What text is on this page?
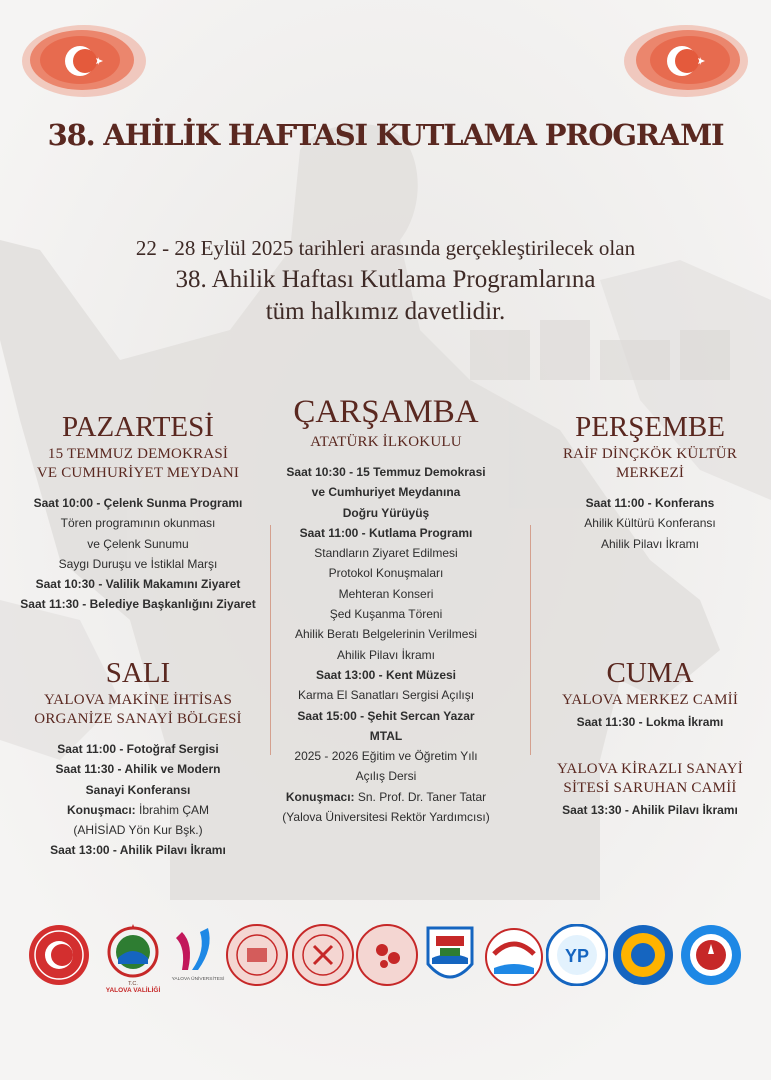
38. AHİLİK HAFTASI KUTLAMA PROGRAMI
22 - 28 Eylül 2025 tarihleri arasında gerçekleştirilecek olan
38. Ahilik Haftası Kutlama Programlarına
tüm halkımız davetlidir.
PAZARTESİ
15 TEMMUZ DEMOKRASİ
VE CUMHURİYET MEYDANI
Saat 10:00 - Çelenk Sunma Programı
Tören programının okunması
ve Çelenk Sunumu
Saygı Duruşu ve İstiklal Marşı
Saat 10:30 - Valilik Makamını Ziyaret
Saat 11:30 - Belediye Başkanlığını Ziyaret
SALI
YALOVA MAKİNE İHTİSAS
ORGANİZE SANAYİ BÖLGESİ
Saat 11:00 - Fotoğraf Sergisi
Saat 11:30 - Ahilik ve Modern
Sanayi Konferansı
Konuşmacı: İbrahim ÇAM
(AHİSİAD Yön Kur Bşk.)
Saat 13:00 - Ahilik Pilavı İkramı
ÇARŞAMBA
ATATÜRK İLKOKULU
Saat 10:30 - 15 Temmuz Demokrasi
ve Cumhuriyet Meydanına
Doğru Yürüyüş
Saat 11:00 - Kutlama Programı
Standların Ziyaret Edilmesi
Protokol Konuşmaları
Mehteran Konseri
Şed Kuşanma Töreni
Ahilik Beratı Belgelerinin Verilmesi
Ahilik Pilavı İkramı
Saat 13:00 - Kent Müzesi
Karma El Sanatları Sergisi Açılışı
Saat 15:00 - Şehit Sercan Yazar
MTAL
2025 - 2026 Eğitim ve Öğretim Yılı
Açılış Dersi
Konuşmacı: Sn. Prof. Dr. Taner Tatar
(Yalova Üniversitesi Rektör Yardımcısı)
PERŞEMBE
RAİF DİNÇKÖK KÜLTÜR
MERKEZİ
Saat 11:00 - Konferans
Ahilik Kültürü Konferansı
Ahilik Pilavı İkramı
CUMA
YALOVA MERKEZ CAMİİ
Saat 11:30 - Lokma İkramı
YALOVA KİRAZLI SANAYİ
SİTESİ SARUHAN CAMİİ
Saat 13:30 - Ahilik Pilavı İkramı
T.C.
YALOVA VALİLİĞİ
YALOVA ÜNİVERSİTESİ
YP
